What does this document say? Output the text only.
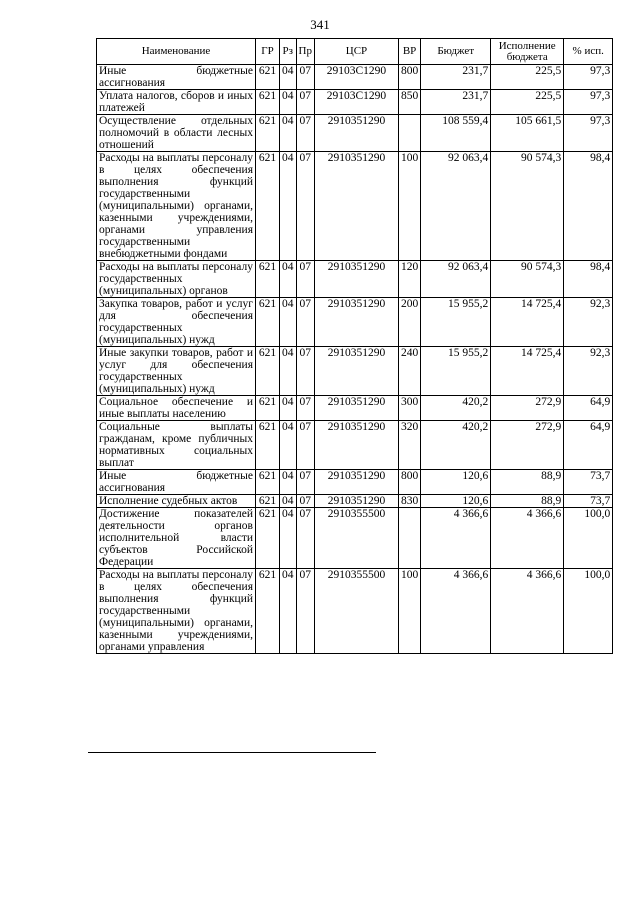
341
Наименование	ГР	Рз	Пр	ЦСР	ВР	Бюджет	Исполнение бюджета	% исп.
Иные бюджетные ассигнования	621	04	07	29103С1290	800	231,7	225,5	97,3
Уплата налогов, сборов и иных платежей	621	04	07	29103С1290	850	231,7	225,5	97,3
Осуществление отдельных полномочий в области лесных отношений	621	04	07	2910351290		108 559,4	105 661,5	97,3
Расходы на выплаты персоналу в целях обеспечения выполнения функций государственными (муниципальными) органами, казенными учреждениями, органами управления государственными внебюджетными фондами	621	04	07	2910351290	100	92 063,4	90 574,3	98,4
Расходы на выплаты персоналу государственных (муниципальных) органов	621	04	07	2910351290	120	92 063,4	90 574,3	98,4
Закупка товаров, работ и услуг для обеспечения государственных (муниципальных) нужд	621	04	07	2910351290	200	15 955,2	14 725,4	92,3
Иные закупки товаров, работ и услуг для обеспечения государственных (муниципальных) нужд	621	04	07	2910351290	240	15 955,2	14 725,4	92,3
Социальное обеспечение и иные выплаты населению	621	04	07	2910351290	300	420,2	272,9	64,9
Социальные выплаты гражданам, кроме публичных нормативных социальных выплат	621	04	07	2910351290	320	420,2	272,9	64,9
Иные бюджетные ассигнования	621	04	07	2910351290	800	120,6	88,9	73,7
Исполнение судебных актов	621	04	07	2910351290	830	120,6	88,9	73,7
Достижение показателей деятельности органов исполнительной власти субъектов Российской Федерации	621	04	07	2910355500		4 366,6	4 366,6	100,0
Расходы на выплаты персоналу в целях обеспечения выполнения функций государственными (муниципальными) органами, казенными учреждениями, органами управления	621	04	07	2910355500	100	4 366,6	4 366,6	100,0
